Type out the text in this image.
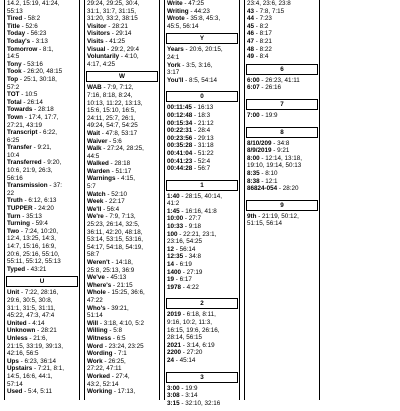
14.2, 15:19, 41:24,
55:13
Tired - 58:2
Title - 52:6
Today - 56:23
Today's - 3:13
Tomorrow - 8:1,
14:5
Tony - 53:16
Took - 26:20, 48:15
Top - 25:1, 30:18,
57:2
TOT - 10:5
Total - 26:14
Towards - 28:18
Town - 17:4, 17:7,
27:21, 43:19
Transcript - 6:22,
6:25
Transfer - 9:21,
10:4
Transferred - 9:20,
10:6, 21:9, 26:3,
56:16
Transmission - 37:
22
Truth - 6:12, 6:13
TUPPER - 24:20
Turn - 35:13
Turning - 59:4
Two - 7:24, 10:20,
12:4, 13:25, 14:3,
14:7, 15:16, 16:9,
20:6, 25:16, 55:10,
55:11, 55:12, 55:13
Typed - 43:21
U
Unit - 7:22, 28:16,
29:6, 30:5, 30:8,
31:1, 31:5, 31:11,
45:22, 47:3, 47:4
United - 4:14
Unknown - 28:21
Unless - 21:6,
21:15, 33:19, 39:13,
42:16, 56:5
Ups - 6:23, 36:14
Upstairs - 7:21, 8:1,
14:5, 16:6, 44:1,
57:14
Used - 5:4, 5:11
29:24, 29:25, 30:4,
31:1, 31:7, 31:15,
31:20, 33:2, 38:15
Visitor - 28:21
Visitors - 29:14
Visits - 41:25
Visual - 29:2, 29:4
Voluntarily - 4:10,
4:17, 4:25
W
WAB - 7:9, 7:12,
7:16, 8:18, 8:24,
10:13, 11:22, 13:13,
15:6, 15:10, 16:5,
24:11, 25:7, 26:1,
49:24, 54:7, 54:25
Wait - 47:8, 53:17
Waiver - 5:6
Walk - 27:24, 28:25,
44:5
Walked - 28:18
Warden - 51:17
Warnings - 4:15,
5:7
Watch - 52:10
Week - 22:17
We'll - 56:4
We're - 7:9, 7:13,
25:23, 26:14, 32:5,
36:11, 42:20, 48:18,
53:14, 53:15, 53:16,
54:17, 54:18, 54:19,
58:7
Weren't - 14:18,
25:8, 25:13, 36:9
We've - 45:13
Where's - 21:15
Whole - 15:25, 36:6,
47:22
Who's - 39:21,
51:14
Will - 3:18, 4:10, 5:2
Willing - 5:8
Witness - 6:5
Word - 23:24, 23:25
Wording - 7:1
Work - 26:25,
27:22, 47:11
Worked - 27:4,
43:2, 52:14
Working - 17:13,
Write - 47:25
Writing - 44:23
Wrote - 35:8, 45:3,
45:5, 56:14
Y
Years - 20:6, 20:15,
24:1
York - 3:5, 3:16,
3:17
You'll - 8:5, 54:14
0
00:11:45 - 16:13
00:12:48 - 18:3
00:15:34 - 21:12
00:22:31 - 28:4
00:23:56 - 29:13
00:35:28 - 31:18
00:41:04 - 51:22
00:41:23 - 52:4
00:44:28 - 56:7
1
1:40 - 28:15, 40:14,
41:2
1:45 - 16:16, 41:8
10:00 - 27:7
10:33 - 9:18
100 - 22:21, 23:1,
23:16, 54:25
12 - 56:14
12:35 - 34:8
14 - 6:19
1400 - 27:19
19 - 6:17
1978 - 4:22
2
2019 - 6:18, 8:11,
9:16, 10:2, 11:3,
16:15, 19:6, 26:16,
28:14, 56:15
2021 - 3:14, 6:19
2200 - 27:20
24 - 45:14
3
3:00 - 19:9
3:08 - 3:14
3:15 - 32:10, 32:16
23:4, 23:6, 23:8
43 - 7:8, 7:15
44 - 7:23
45 - 8:2
46 - 8:17
47 - 8:21
48 - 8:22
49 - 8:4
6
6:00 - 26:23, 41:11
6:07 - 26:16
7
7:00 - 19:9
8
8/10/209 - 34:8
8/9/2019 - 9:21
8:00 - 12:14, 13:18,
19:10, 19:14, 50:13
8:35 - 8:10
8:38 - 12:1
86824-054 - 28:20
9
9th - 21:19, 50:12,
51:15, 56:14
